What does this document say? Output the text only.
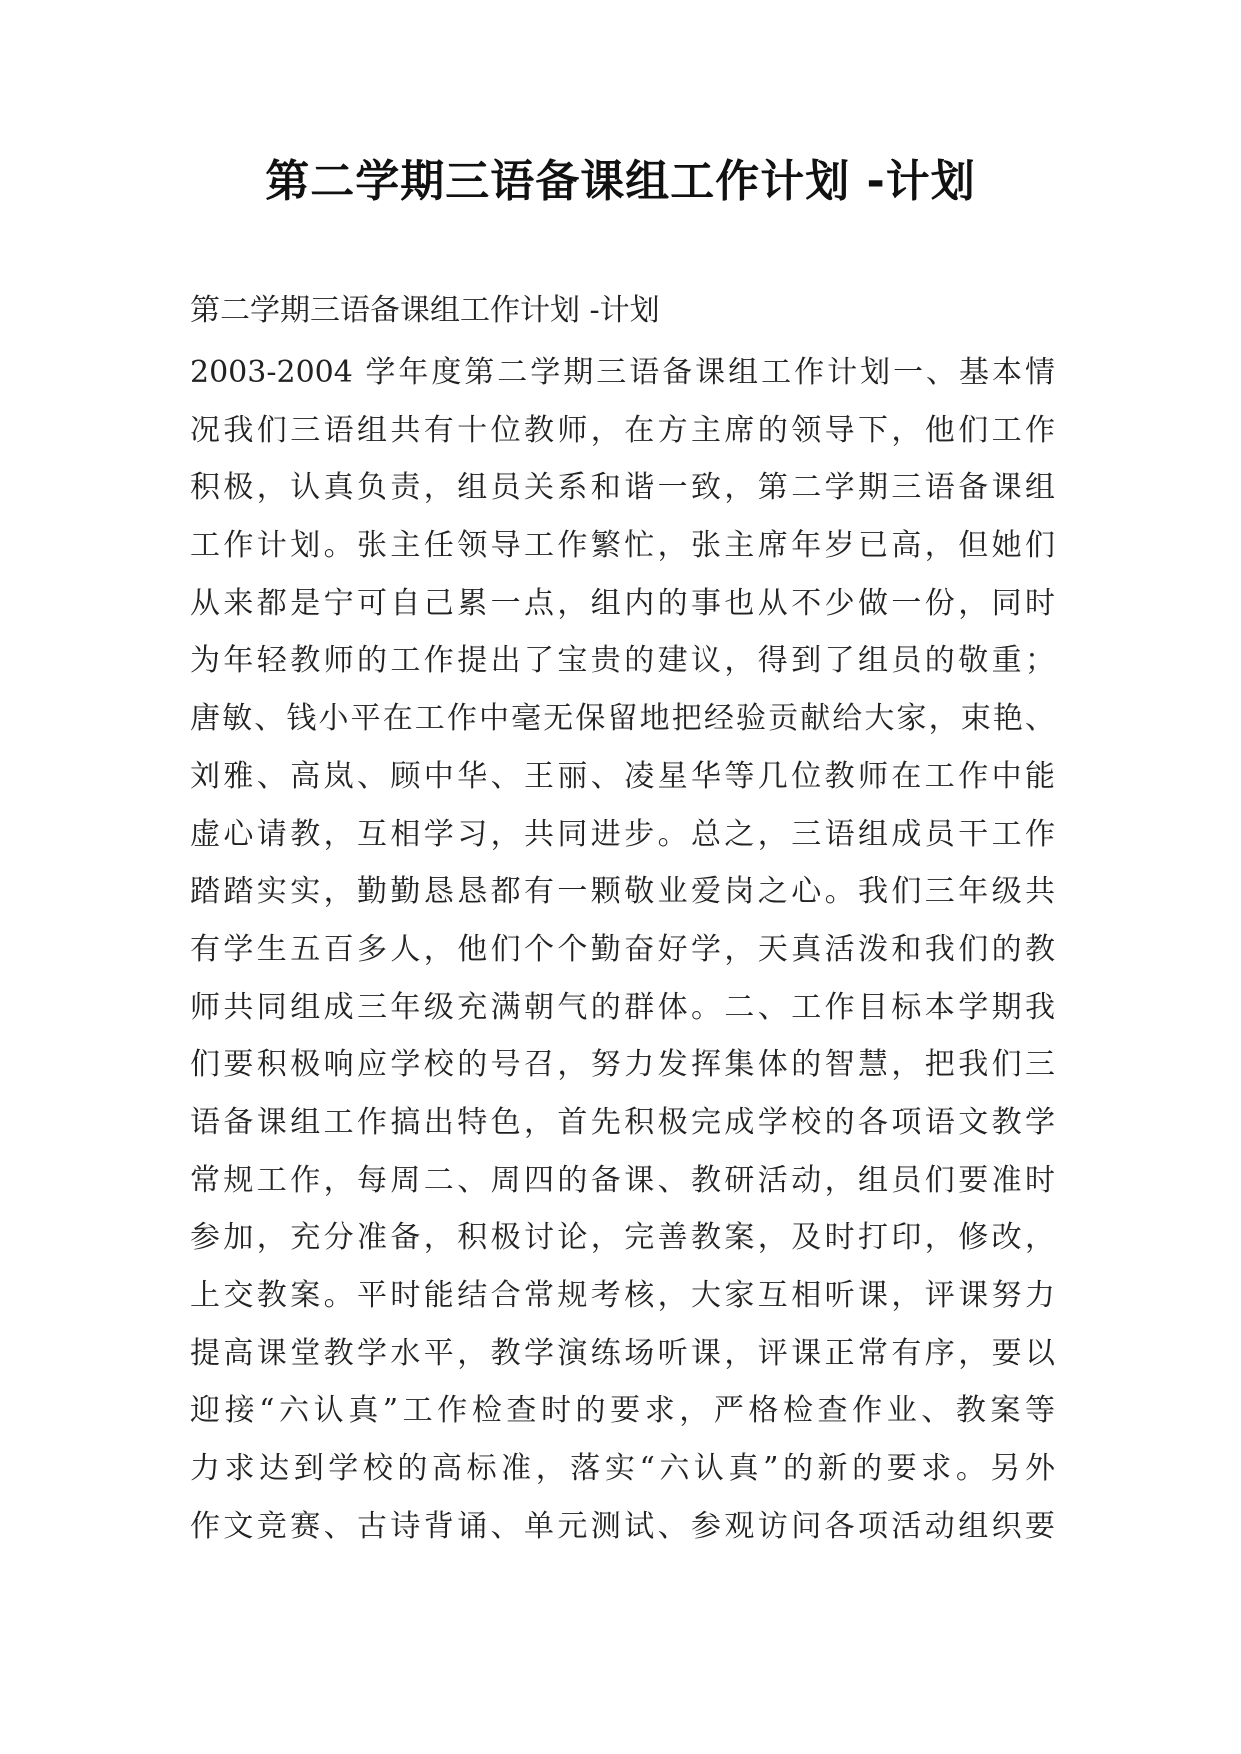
第二学期三语备课组工作计划 -计划

第二学期三语备课组工作计划 -计划

2003-2004 学年度第二学期三语备课组工作计划一、基本情
况我们三语组共有十位教师，在方主席的领导下，他们工作
积极，认真负责，组员关系和谐一致，第二学期三语备课组
工作计划。张主任领导工作繁忙，张主席年岁已高，但她们
从来都是宁可自己累一点，组内的事也从不少做一份，同时
为年轻教师的工作提出了宝贵的建议，得到了组员的敬重；
唐敏、钱小平在工作中毫无保留地把经验贡献给大家，束艳、
刘雅、高岚、顾中华、王丽、凌星华等几位教师在工作中能
虚心请教，互相学习，共同进步。总之，三语组成员干工作
踏踏实实，勤勤恳恳都有一颗敬业爱岗之心。我们三年级共
有学生五百多人，他们个个勤奋好学，天真活泼和我们的教
师共同组成三年级充满朝气的群体。二、工作目标本学期我
们要积极响应学校的号召，努力发挥集体的智慧，把我们三
语备课组工作搞出特色，首先积极完成学校的各项语文教学
常规工作，每周二、周四的备课、教研活动，组员们要准时
参加，充分准备，积极讨论，完善教案，及时打印，修改，
上交教案。平时能结合常规考核，大家互相听课，评课努力
提高课堂教学水平，教学演练场听课，评课正常有序，要以
迎接“六认真”工作检查时的要求，严格检查作业、教案等
力求达到学校的高标准，落实“六认真”的新的要求。另外
作文竞赛、古诗背诵、单元测试、参观访问各项活动组织要
